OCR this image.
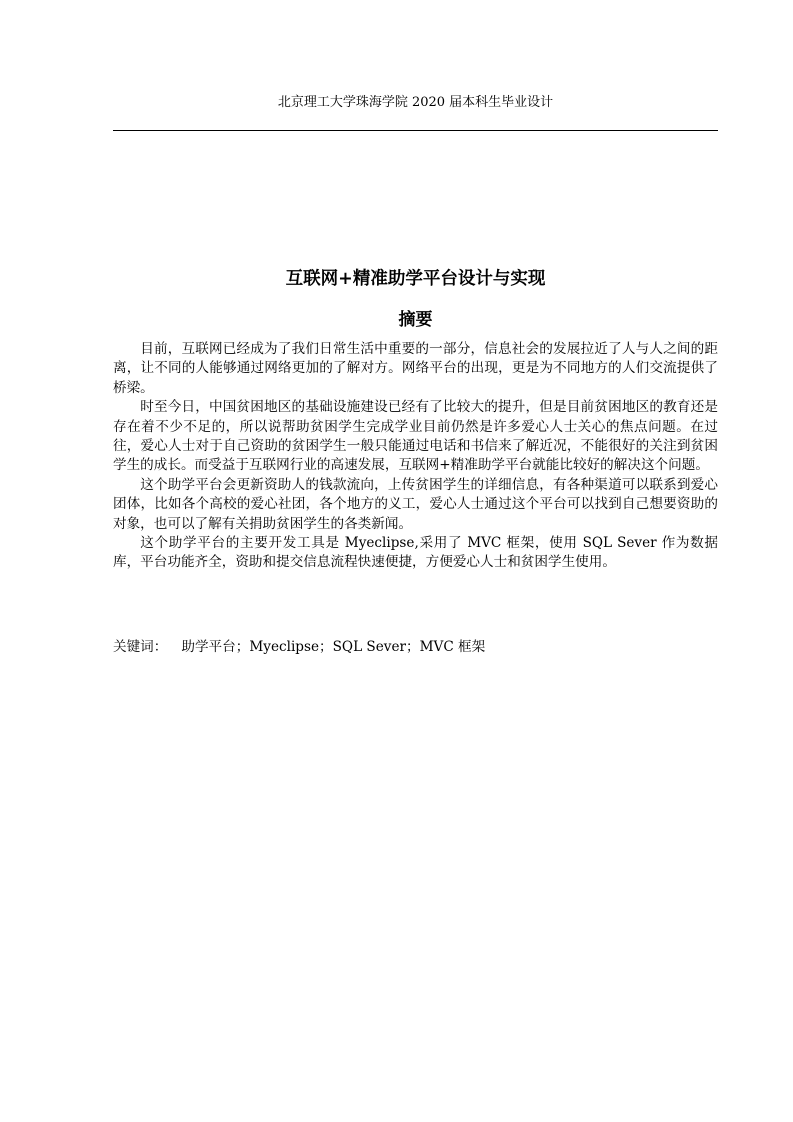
北京理工大学珠海学院 2020 届本科生毕业设计
互联网+精准助学平台设计与实现
摘要

目前，互联网已经成为了我们日常生活中重要的一部分，信息社会的发展拉近了人与人之间的距离，让不同的人能够通过网络更加的了解对方。网络平台的出现，更是为不同地方的人们交流提供了桥梁。

时至今日，中国贫困地区的基础设施建设已经有了比较大的提升，但是目前贫困地区的教育还是存在着不少不足的，所以说帮助贫困学生完成学业目前仍然是许多爱心人士关心的焦点问题。在过往，爱心人士对于自己资助的贫困学生一般只能通过电话和书信来了解近况，不能很好的关注到贫困学生的成长。而受益于互联网行业的高速发展，互联网+精准助学平台就能比较好的解决这个问题。

这个助学平台会更新资助人的钱款流向，上传贫困学生的详细信息，有各种渠道可以联系到爱心团体，比如各个高校的爱心社团，各个地方的义工，爱心人士通过这个平台可以找到自己想要资助的对象，也可以了解有关捐助贫困学生的各类新闻。

这个助学平台的主要开发工具是 Myeclipse,采用了 MVC 框架，使用 SQL Sever 作为数据库，平台功能齐全，资助和提交信息流程快速便捷，方便爱心人士和贫困学生使用。

关键词： 助学平台；Myeclipse；SQL Sever；MVC 框架
